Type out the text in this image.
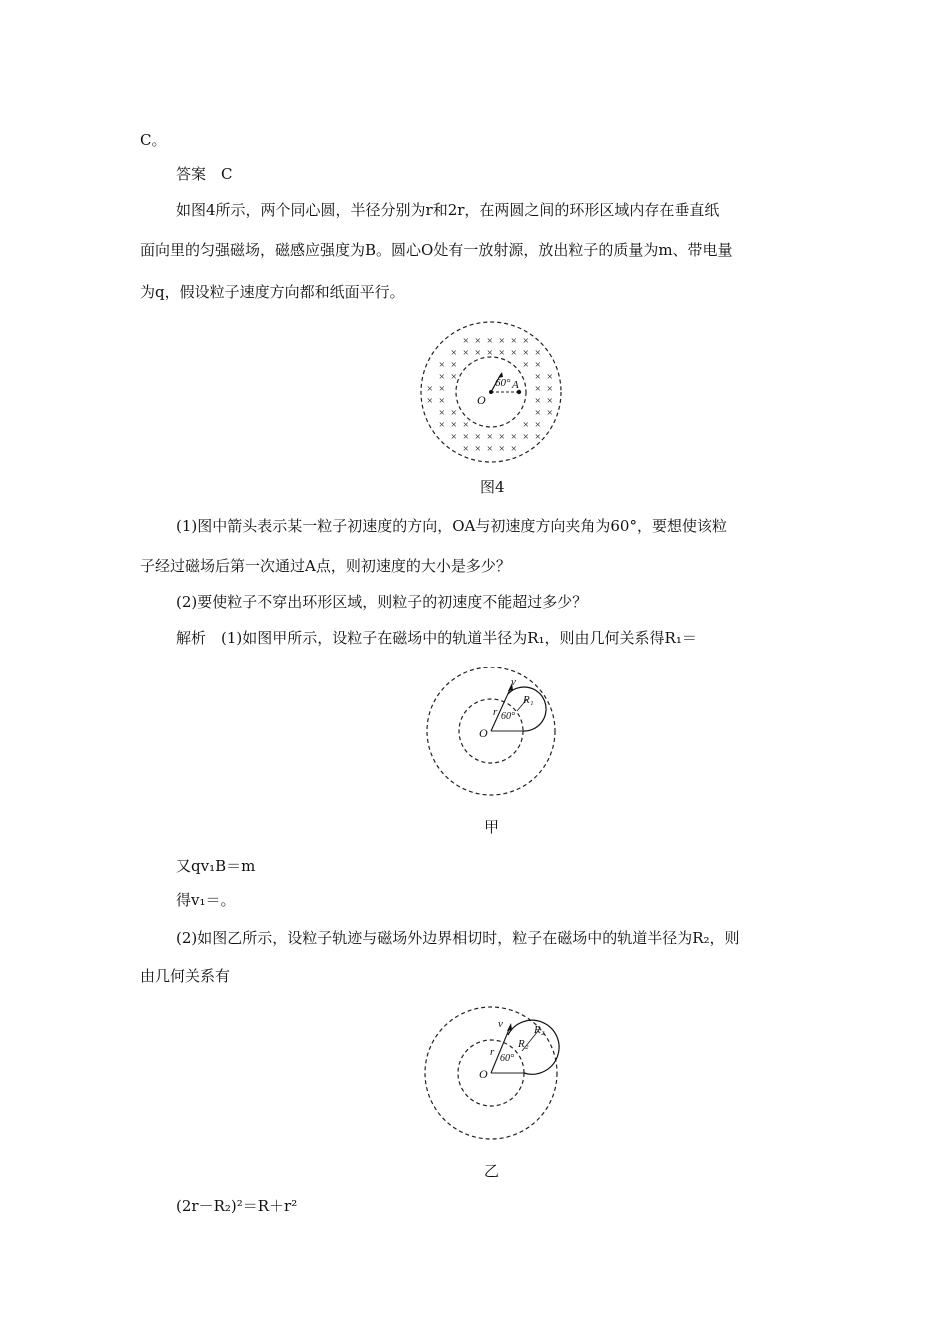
C。
答案　C
如图4所示，两个同心圆，半径分别为r和2r，在两圆之间的环形区域内存在垂直纸
面向里的匀强磁场，磁感应强度为B。圆心O处有一放射源，放出粒子的质量为m、带电量
为q，假设粒子速度方向都和纸面平行。
× × × × × ×
× × × × × × × ×
× ×	× ×
× ×	× ×
× ×	× ×
× ×	× ×
× ×	× ×
× × ×	× ×
× × × × × × × ×
× × × × ×
O
60° A
图4
(1)图中箭头表示某一粒子初速度的方向，OA与初速度方向夹角为60°，要想使该粒
子经过磁场后第一次通过A点，则初速度的大小是多少？
(2)要使粒子不穿出环形区域，则粒子的初速度不能超过多少？
解析　(1)如图甲所示，设粒子在磁场中的轨道半径为R₁，则由几何关系得R₁＝
v
R₁
r 60°
O
甲
又qv₁B＝m
得v₁＝。
(2)如图乙所示，设粒子轨迹与磁场外边界相切时，粒子在磁场中的轨道半径为R₂，则
由几何关系有
v	R₂
R₂
r
60°
O
乙
(2r－R₂)²＝R＋r²
